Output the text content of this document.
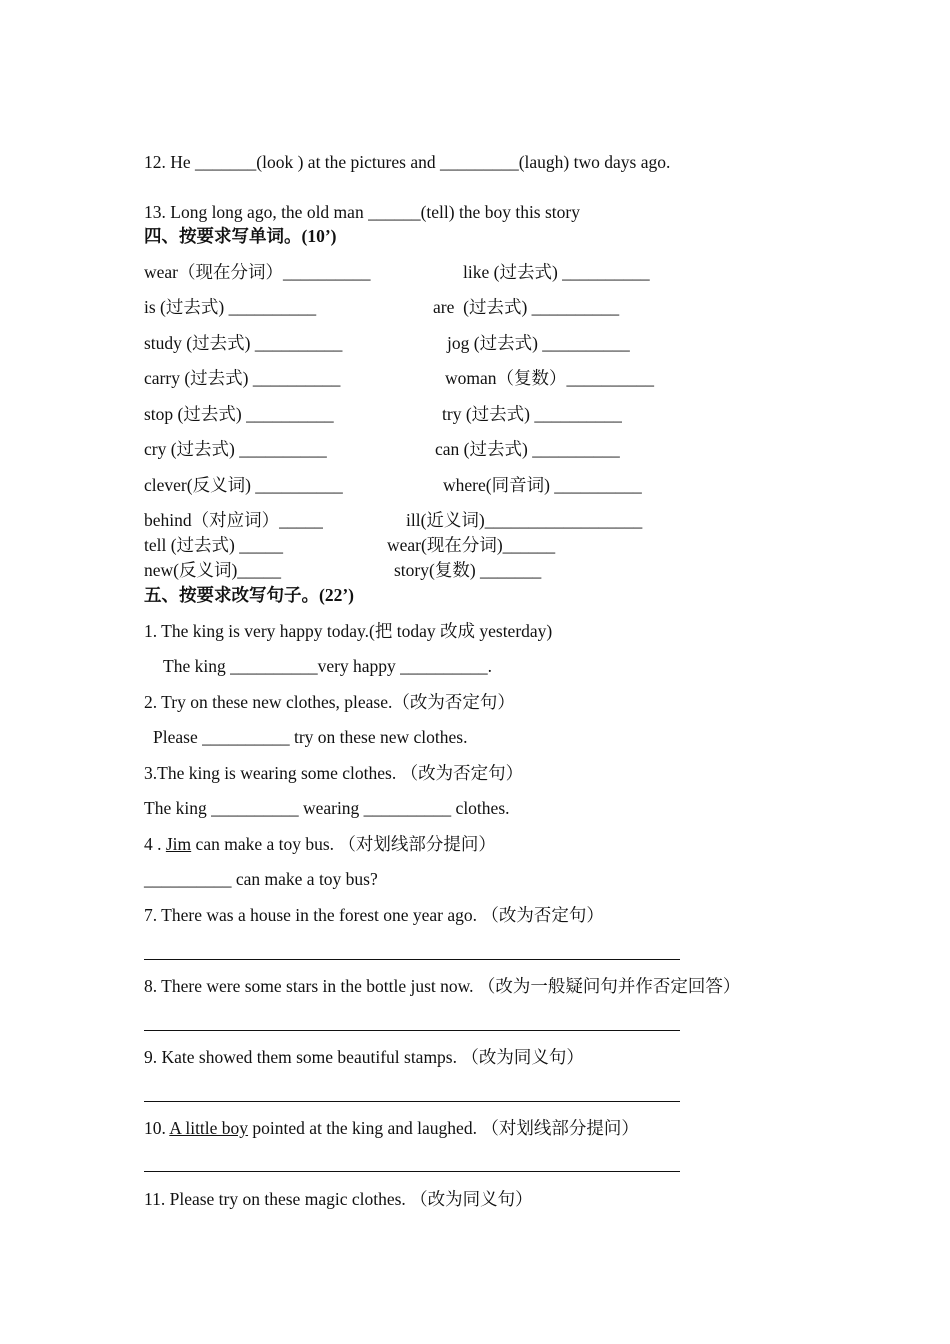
12. He _______(look ) at the pictures and _________(laugh) two days ago.
13. Long long ago, the old man ______(tell) the boy this story
四、按要求写单词。(10’)
wear（现在分词）__________	like (过去式) __________
is (过去式) __________	are  (过去式) __________
study (过去式) __________	jog (过去式) __________
carry (过去式) __________	woman（复数）__________
stop (过去式) __________	try (过去式) __________
cry (过去式) __________	can (过去式) __________
clever(反义词) __________	where(同音词) __________
behind（对应词）_____	ill(近义词)__________________
tell (过去式) _____	wear(现在分词)______
new(反义词)_____	story(复数) _______
五、按要求改写句子。(22’)
1. The king is very happy today.(把 today 改成 yesterday)
The king __________very happy __________.
2. Try on these new clothes, please.（改为否定句）
Please __________ try on these new clothes.
3.The king is wearing some clothes. （改为否定句）
The king __________ wearing __________ clothes.
4 . Jim can make a toy bus. （对划线部分提问）
__________ can make a toy bus?
7. There was a house in the forest one year ago. （改为否定句）
8. There were some stars in the bottle just now. （改为一般疑问句并作否定回答）
9. Kate showed them some beautiful stamps. （改为同义句）
10. A little boy pointed at the king and laughed. （对划线部分提问）
11. Please try on these magic clothes. （改为同义句）
